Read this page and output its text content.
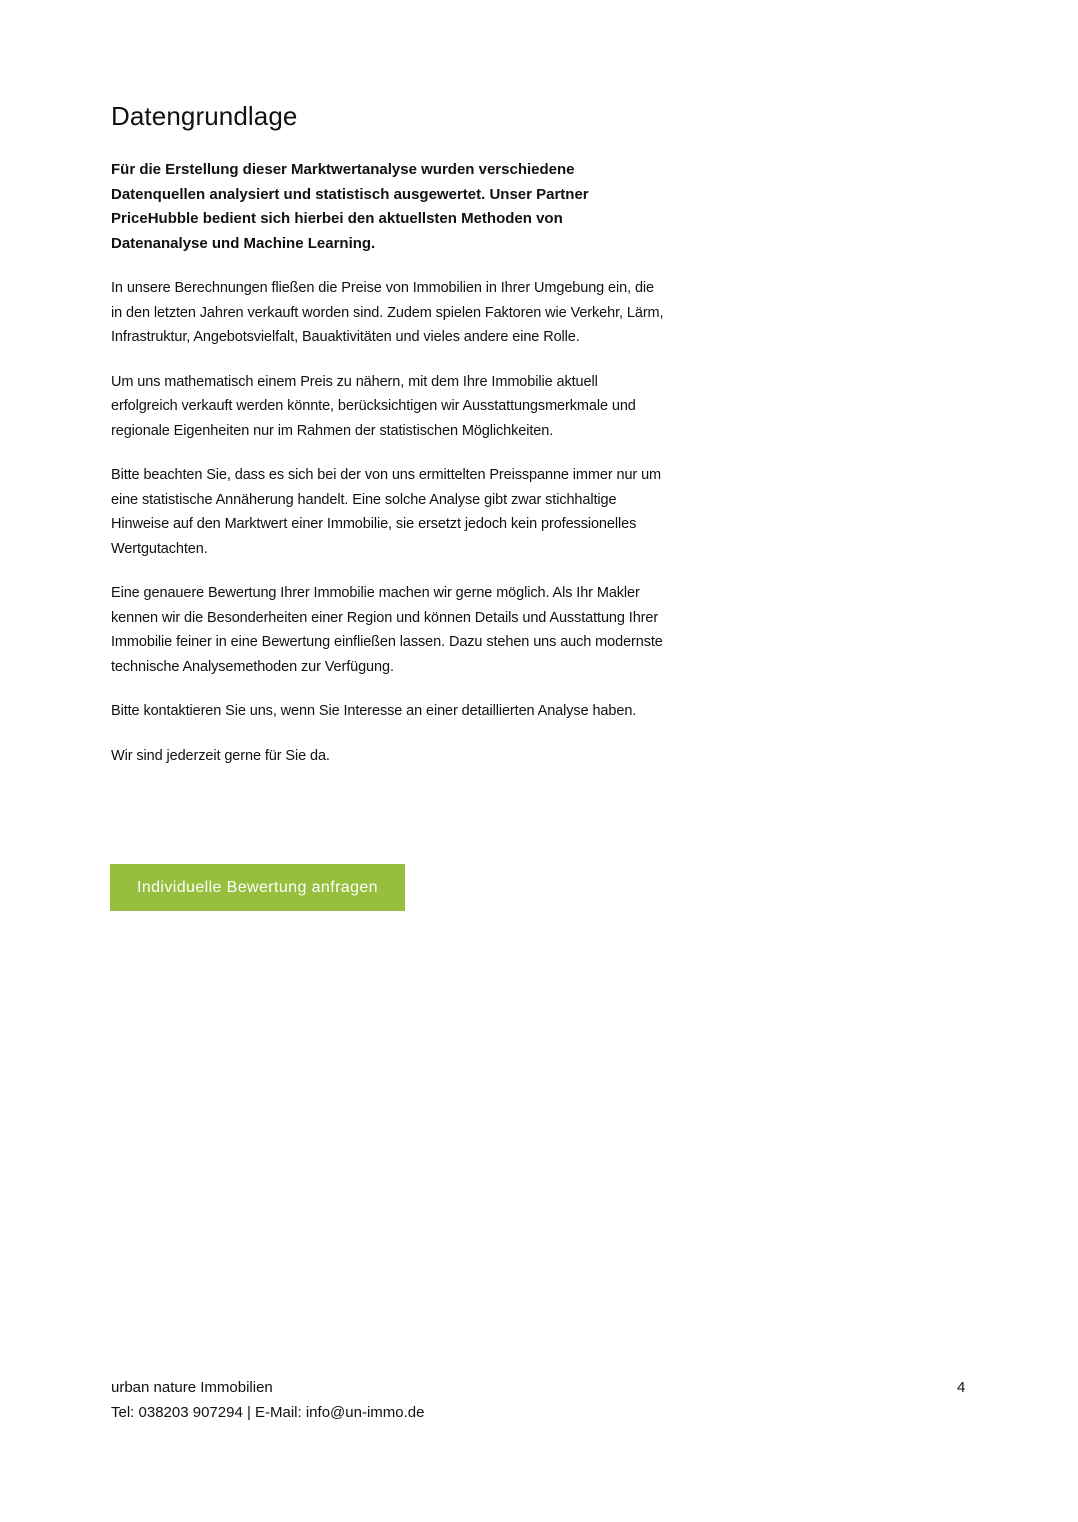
Datengrundlage

Für die Erstellung dieser Marktwertanalyse wurden verschiedene Datenquellen analysiert und statistisch ausgewertet. Unser Partner PriceHubble bedient sich hierbei den aktuellsten Methoden von Datenanalyse und Machine Learning.

In unsere Berechnungen fließen die Preise von Immobilien in Ihrer Umgebung ein, die in den letzten Jahren verkauft worden sind. Zudem spielen Faktoren wie Verkehr, Lärm, Infrastruktur, Angebotsvielfalt, Bauaktivitäten und vieles andere eine Rolle.

Um uns mathematisch einem Preis zu nähern, mit dem Ihre Immobilie aktuell erfolgreich verkauft werden könnte, berücksichtigen wir Ausstattungsmerkmale und regionale Eigenheiten nur im Rahmen der statistischen Möglichkeiten.

Bitte beachten Sie, dass es sich bei der von uns ermittelten Preisspanne immer nur um eine statistische Annäherung handelt. Eine solche Analyse gibt zwar stichhaltige Hinweise auf den Marktwert einer Immobilie, sie ersetzt jedoch kein professionelles Wertgutachten.

Eine genauere Bewertung Ihrer Immobilie machen wir gerne möglich. Als Ihr Makler kennen wir die Besonderheiten einer Region und können Details und Ausstattung Ihrer Immobilie feiner in eine Bewertung einfließen lassen. Dazu stehen uns auch modernste technische Analysemethoden zur Verfügung.

Bitte kontaktieren Sie uns, wenn Sie Interesse an einer detaillierten Analyse haben.

Wir sind jederzeit gerne für Sie da.

Individuelle Bewertung anfragen
urban nature Immobilien
Tel: 038203 907294 | E-Mail: info@un-immo.de
4
